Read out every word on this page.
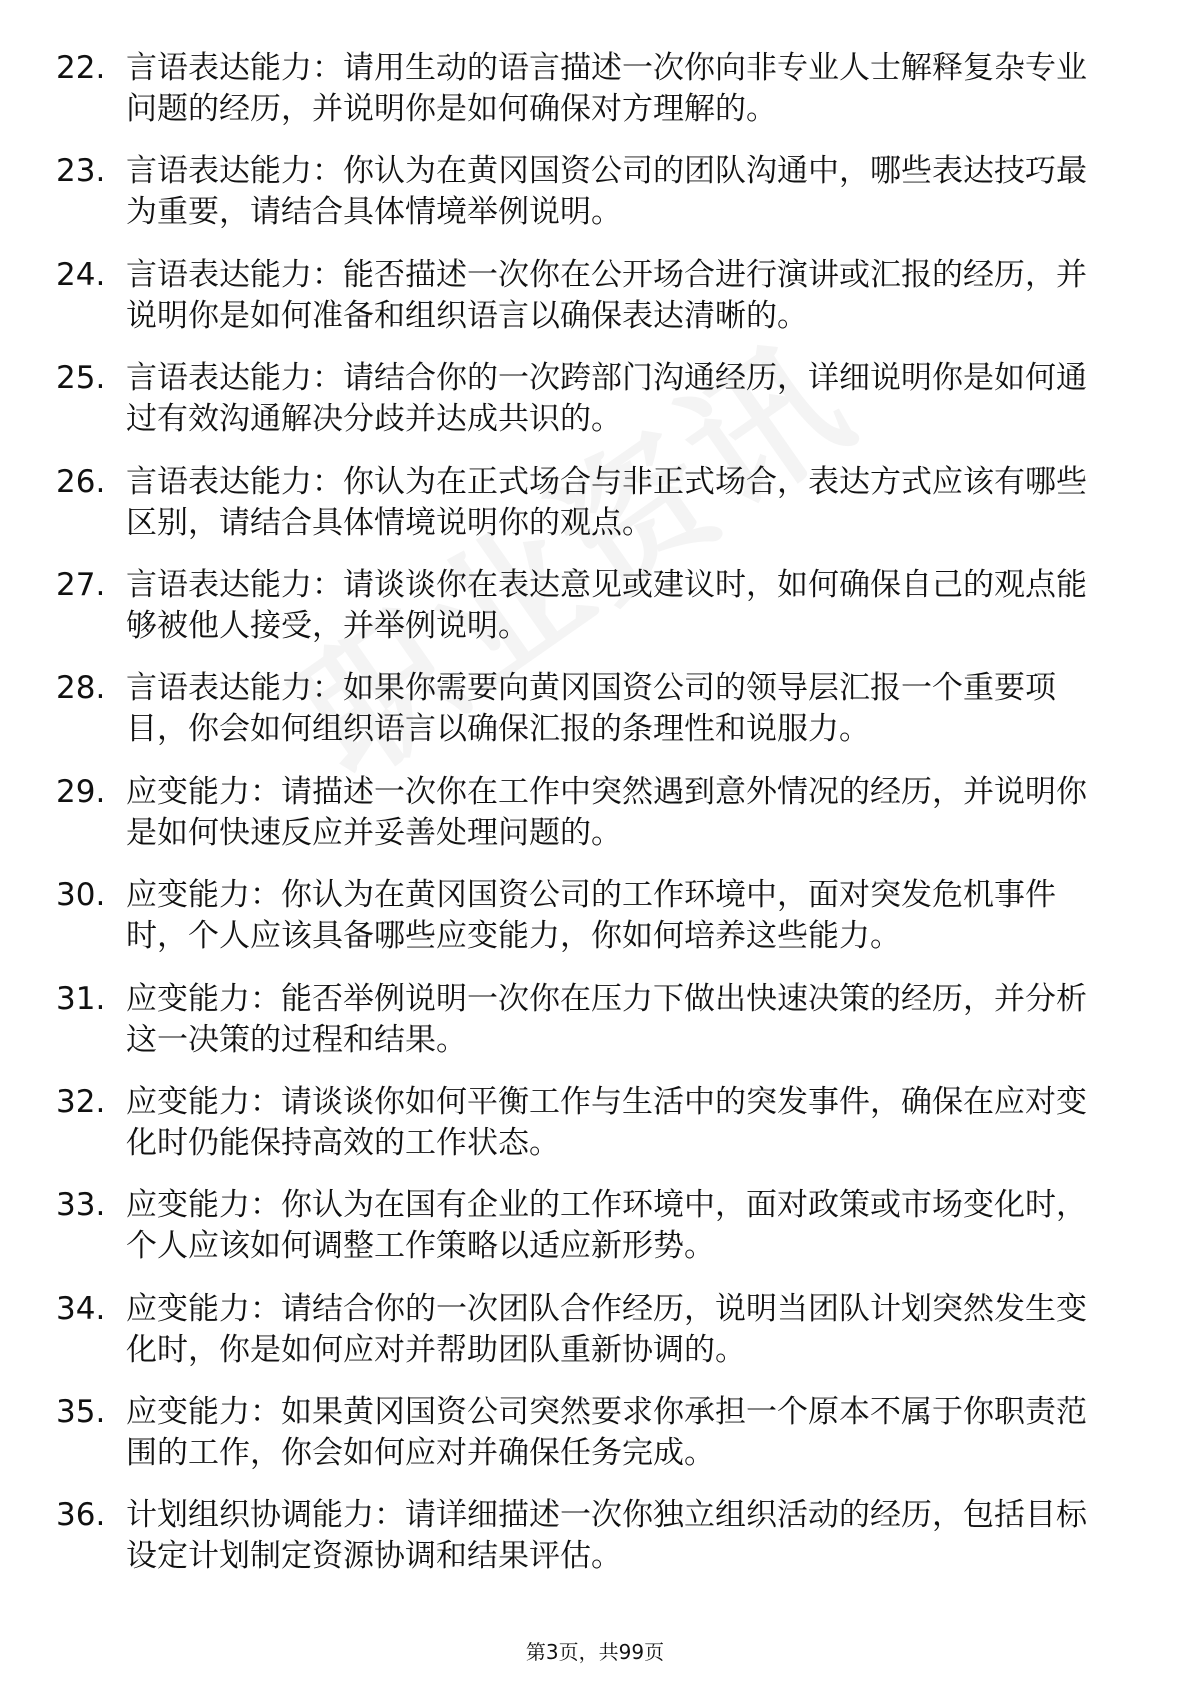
22. 言语表达能力：请用生动的语言描述一次你向非专业人士解释复杂专业问题的经历，并说明你是如何确保对方理解的。
23. 言语表达能力：你认为在黄冈国资公司的团队沟通中，哪些表达技巧最为重要，请结合具体情境举例说明。
24. 言语表达能力：能否描述一次你在公开场合进行演讲或汇报的经历，并说明你是如何准备和组织语言以确保表达清晰的。
25. 言语表达能力：请结合你的一次跨部门沟通经历，详细说明你是如何通过有效沟通解决分歧并达成共识的。
26. 言语表达能力：你认为在正式场合与非正式场合，表达方式应该有哪些区别，请结合具体情境说明你的观点。
27. 言语表达能力：请谈谈你在表达意见或建议时，如何确保自己的观点能够被他人接受，并举例说明。
28. 言语表达能力：如果你需要向黄冈国资公司的领导层汇报一个重要项目，你会如何组织语言以确保汇报的条理性和说服力。
29. 应变能力：请描述一次你在工作中突然遇到意外情况的经历，并说明你是如何快速反应并妥善处理问题的。
30. 应变能力：你认为在黄冈国资公司的工作环境中，面对突发危机事件时，个人应该具备哪些应变能力，你如何培养这些能力。
31. 应变能力：能否举例说明一次你在压力下做出快速决策的经历，并分析这一决策的过程和结果。
32. 应变能力：请谈谈你如何平衡工作与生活中的突发事件，确保在应对变化时仍能保持高效的工作状态。
33. 应变能力：你认为在国有企业的工作环境中，面对政策或市场变化时，个人应该如何调整工作策略以适应新形势。
34. 应变能力：请结合你的一次团队合作经历，说明当团队计划突然发生变化时，你是如何应对并帮助团队重新协调的。
35. 应变能力：如果黄冈国资公司突然要求你承担一个原本不属于你职责范围的工作，你会如何应对并确保任务完成。
36. 计划组织协调能力：请详细描述一次你独立组织活动的经历，包括目标设定计划制定资源协调和结果评估。
第3页，共99页
